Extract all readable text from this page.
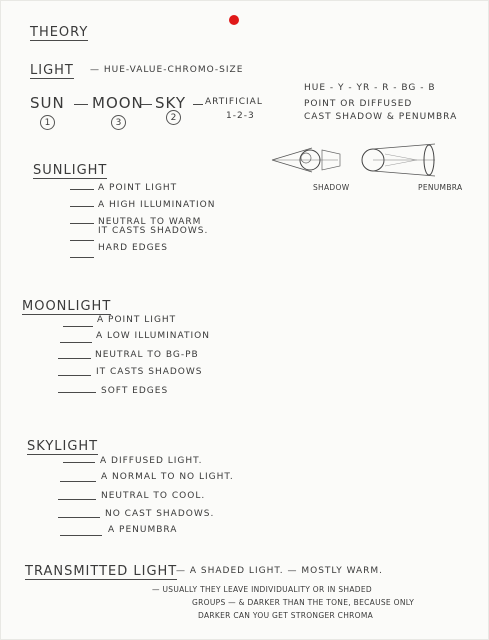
THEORY
LIGHT — HUE-VALUE-CHROMO-SIZE
SUN MOON SKY ARTIFICIAL
1	3	2	1-2-3
HUE - Y - YR - R - BG - B
POINT OR DIFFUSED
CAST SHADOW & PENUMBRA
SHADOW	PENUMBRA
SUNLIGHT
A POINT LIGHT
A HIGH ILLUMINATION
NEUTRAL TO WARM
IT CASTS SHADOWS.
HARD EDGES
MOONLIGHT
A POINT LIGHT
A LOW ILLUMINATION
NEUTRAL TO BG-PB
IT CASTS SHADOWS
SOFT EDGES
SKYLIGHT
A DIFFUSED LIGHT.
A NORMAL TO NO LIGHT.
NEUTRAL TO COOL.
NO CAST SHADOWS.
A PENUMBRA
TRANSMITTED LIGHT
— A SHADED LIGHT. — MOSTLY WARM.
— USUALLY THEY LEAVE INDIVIDUALITY OR IN SHADED
GROUPS — & DARKER THAN THE TONE, BECAUSE ONLY
DARKER CAN YOU GET STRONGER CHROMA
